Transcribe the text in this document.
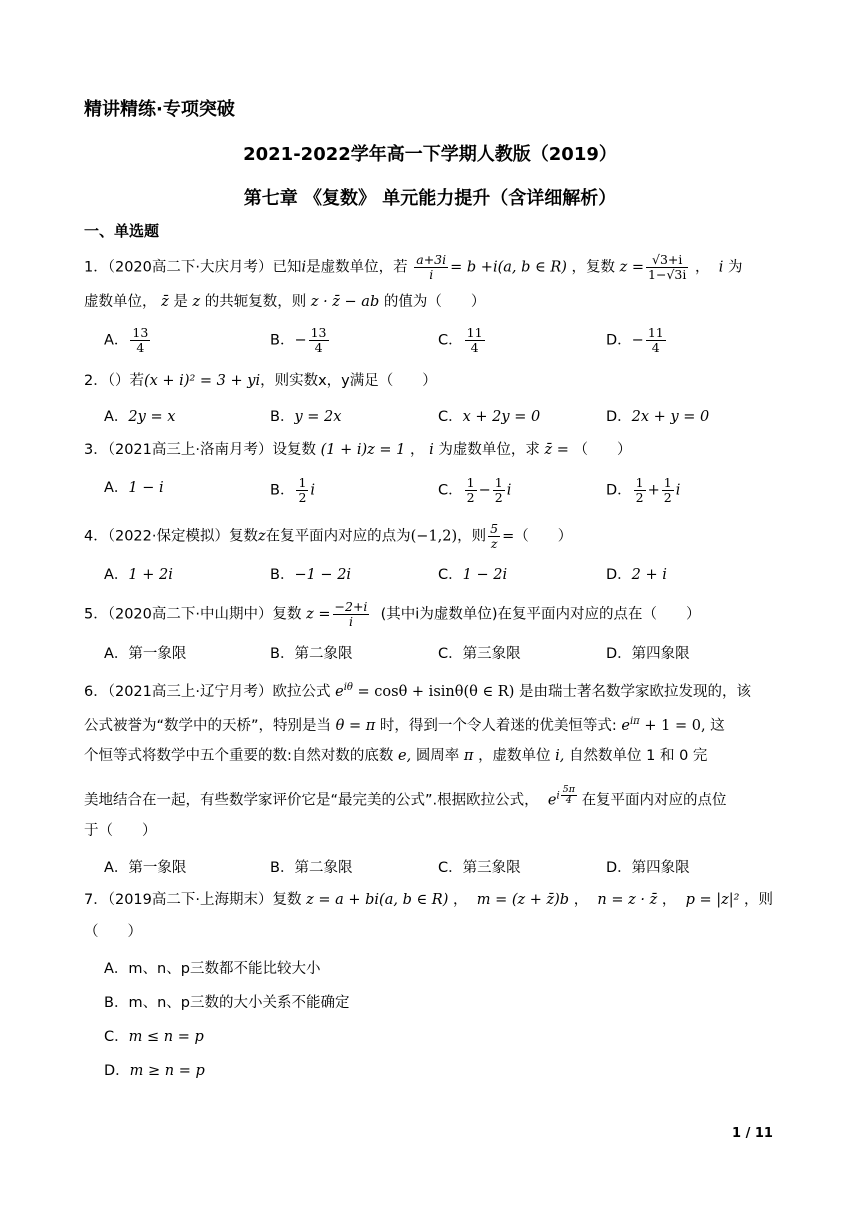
精讲精练·专项突破
2021-2022学年高一下学期人教版（2019）
第七章 《复数》 单元能力提升（含详细解析）
一、单选题
1．（2020高二下·大庆月考）已知i是虚数单位，若 $\frac{a+3i}{i} = b +i(a$, b ∈ R) ，复数 $z = \frac{√3+i}{1-√3i}$ ， i 为
虚数单位， z̄ 是 z 的共轭复数，则 z · z̄ − ab 的值为（　　）
A． $\frac{13}{4}$	B．− $\frac{13}{4}$	C． $\frac{11}{4}$	D．− $\frac{11}{4}$
2．（）若(x + i)² = 3 + yi，则实数x，y满足（　　）
A．2y = x	B．y = 2x	C．x + 2y = 0	D．2x + y = 0
3．（2021高三上·洛南月考）设复数 (1 + i)z = 1 ， i 为虚数单位，求 z̄ = （　　）
A．1 − i	B． $\frac{1}{2}$ i	C． $\frac{1}{2} - \frac{1}{2}$ i	D． $\frac{1}{2} + \frac{1}{2}$ i
4．（2022·保定模拟）复数z在复平面内对应的点为(−1,2)，则 $\frac{5}{z}$ =（　　）
A．1 + 2i	B．−1 − 2i	C．1 − 2i	D．2 + i
5．（2020高二下·中山期中）复数 $z = \frac{-2+i}{i}$ (其中i为虚数单位)在复平面内对应的点在（　　）
A．第一象限	B．第二象限	C．第三象限	D．第四象限
6．（2021高三上·辽宁月考）欧拉公式 $e^{i\theta} = \cos\theta + isin\theta(\theta$ ∈ R) 是由瑞士著名数学家欧拉发现的，该
公式被誉为“数学中的天桥”，特别是当 θ = π 时，得到一个令人着迷的优美恒等式: $e^{i\pi} + 1 = 0$, 这
个恒等式将数学中五个重要的数:自然对数的底数 e, 圆周率 π ，虚数单位 i, 自然数单位 1 和 0 完
美地结合在一起，有些数学家评价它是“最完美的公式”.根据欧拉公式， ei $\frac{5\pi}{4}$ 在复平面内对应的点位
于（　　）
A．第一象限	B．第二象限	C．第三象限	D．第四象限
7．（2019高二下·上海期末）复数 z = a + bi(a, b ∈ R) ， m = (z + z̄)b ， n = z · z̄ ， p = |z|² ，则
（　　）
A．m、n、p三数都不能比较大小
B．m、n、p三数的大小关系不能确定
C．m ≤ n = p
D．m ≥ n = p
1 / 11
